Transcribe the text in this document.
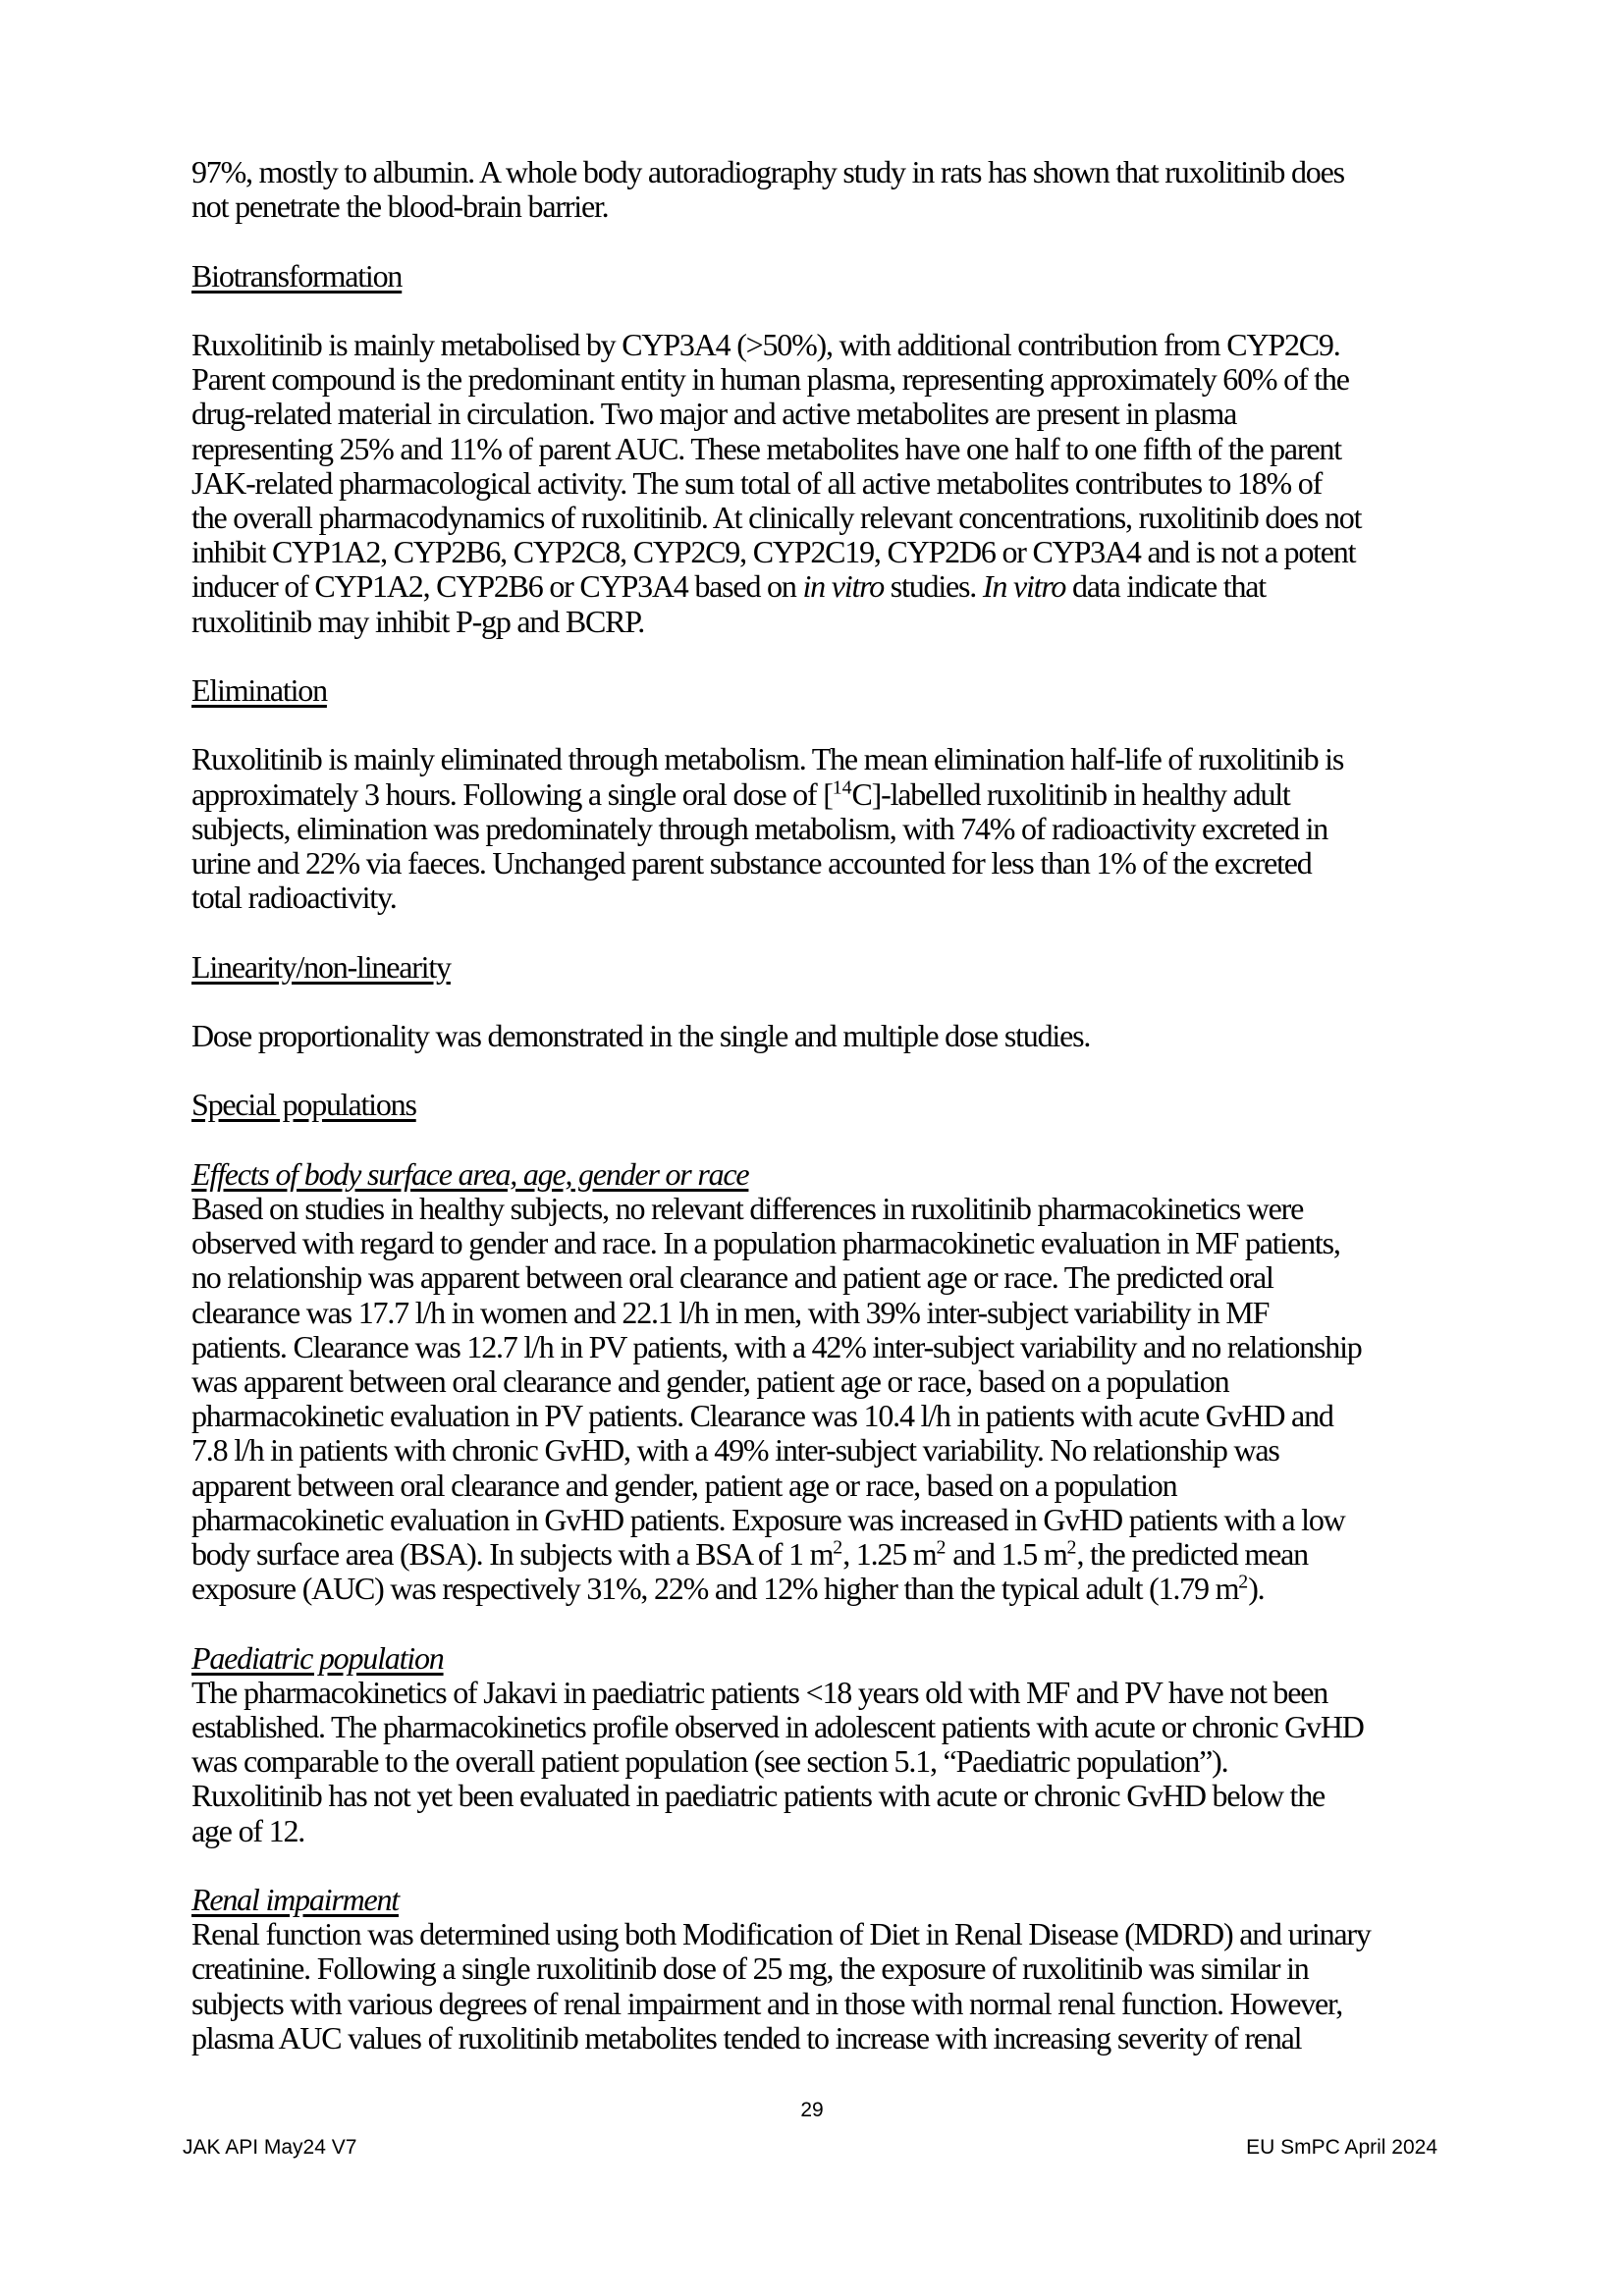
97%, mostly to albumin. A whole body autoradiography study in rats has shown that ruxolitinib does
not penetrate the blood-brain barrier.
Biotransformation
Ruxolitinib is mainly metabolised by CYP3A4 (>50%), with additional contribution from CYP2C9.
Parent compound is the predominant entity in human plasma, representing approximately 60% of the
drug-related material in circulation. Two major and active metabolites are present in plasma
representing 25% and 11% of parent AUC. These metabolites have one half to one fifth of the parent
JAK-related pharmacological activity. The sum total of all active metabolites contributes to 18% of
the overall pharmacodynamics of ruxolitinib. At clinically relevant concentrations, ruxolitinib does not
inhibit CYP1A2, CYP2B6, CYP2C8, CYP2C9, CYP2C19, CYP2D6 or CYP3A4 and is not a potent
inducer of CYP1A2, CYP2B6 or CYP3A4 based on in vitro studies. In vitro data indicate that
ruxolitinib may inhibit P-gp and BCRP.
Elimination
Ruxolitinib is mainly eliminated through metabolism. The mean elimination half-life of ruxolitinib is
approximately 3 hours. Following a single oral dose of [$^{14}$C]-labelled ruxolitinib in healthy adult
subjects, elimination was predominately through metabolism, with 74% of radioactivity excreted in
urine and 22% via faeces. Unchanged parent substance accounted for less than 1% of the excreted
total radioactivity.
Linearity/non-linearity
Dose proportionality was demonstrated in the single and multiple dose studies.
Special populations
Effects of body surface area, age, gender or race
Based on studies in healthy subjects, no relevant differences in ruxolitinib pharmacokinetics were
observed with regard to gender and race. In a population pharmacokinetic evaluation in MF patients,
no relationship was apparent between oral clearance and patient age or race. The predicted oral
clearance was 17.7 l/h in women and 22.1 l/h in men, with 39% inter-subject variability in MF
patients. Clearance was 12.7 l/h in PV patients, with a 42% inter-subject variability and no relationship
was apparent between oral clearance and gender, patient age or race, based on a population
pharmacokinetic evaluation in PV patients. Clearance was 10.4 l/h in patients with acute GvHD and
7.8 l/h in patients with chronic GvHD, with a 49% inter-subject variability. No relationship was
apparent between oral clearance and gender, patient age or race, based on a population
pharmacokinetic evaluation in GvHD patients. Exposure was increased in GvHD patients with a low
body surface area (BSA). In subjects with a BSA of 1 $m^2$, 1.25 $m^2$ and 1.5 $m^2$, the predicted mean
exposure (AUC) was respectively 31%, 22% and 12% higher than the typical adult (1.79 $m^2$).
Paediatric population
The pharmacokinetics of Jakavi in paediatric patients <18 years old with MF and PV have not been
established. The pharmacokinetics profile observed in adolescent patients with acute or chronic GvHD
was comparable to the overall patient population (see section 5.1, “Paediatric population”).
Ruxolitinib has not yet been evaluated in paediatric patients with acute or chronic GvHD below the
age of 12.
Renal impairment
Renal function was determined using both Modification of Diet in Renal Disease (MDRD) and urinary
creatinine. Following a single ruxolitinib dose of 25 mg, the exposure of ruxolitinib was similar in
subjects with various degrees of renal impairment and in those with normal renal function. However,
plasma AUC values of ruxolitinib metabolites tended to increase with increasing severity of renal
29
JAK API May24 V7	EU SmPC April 2024
